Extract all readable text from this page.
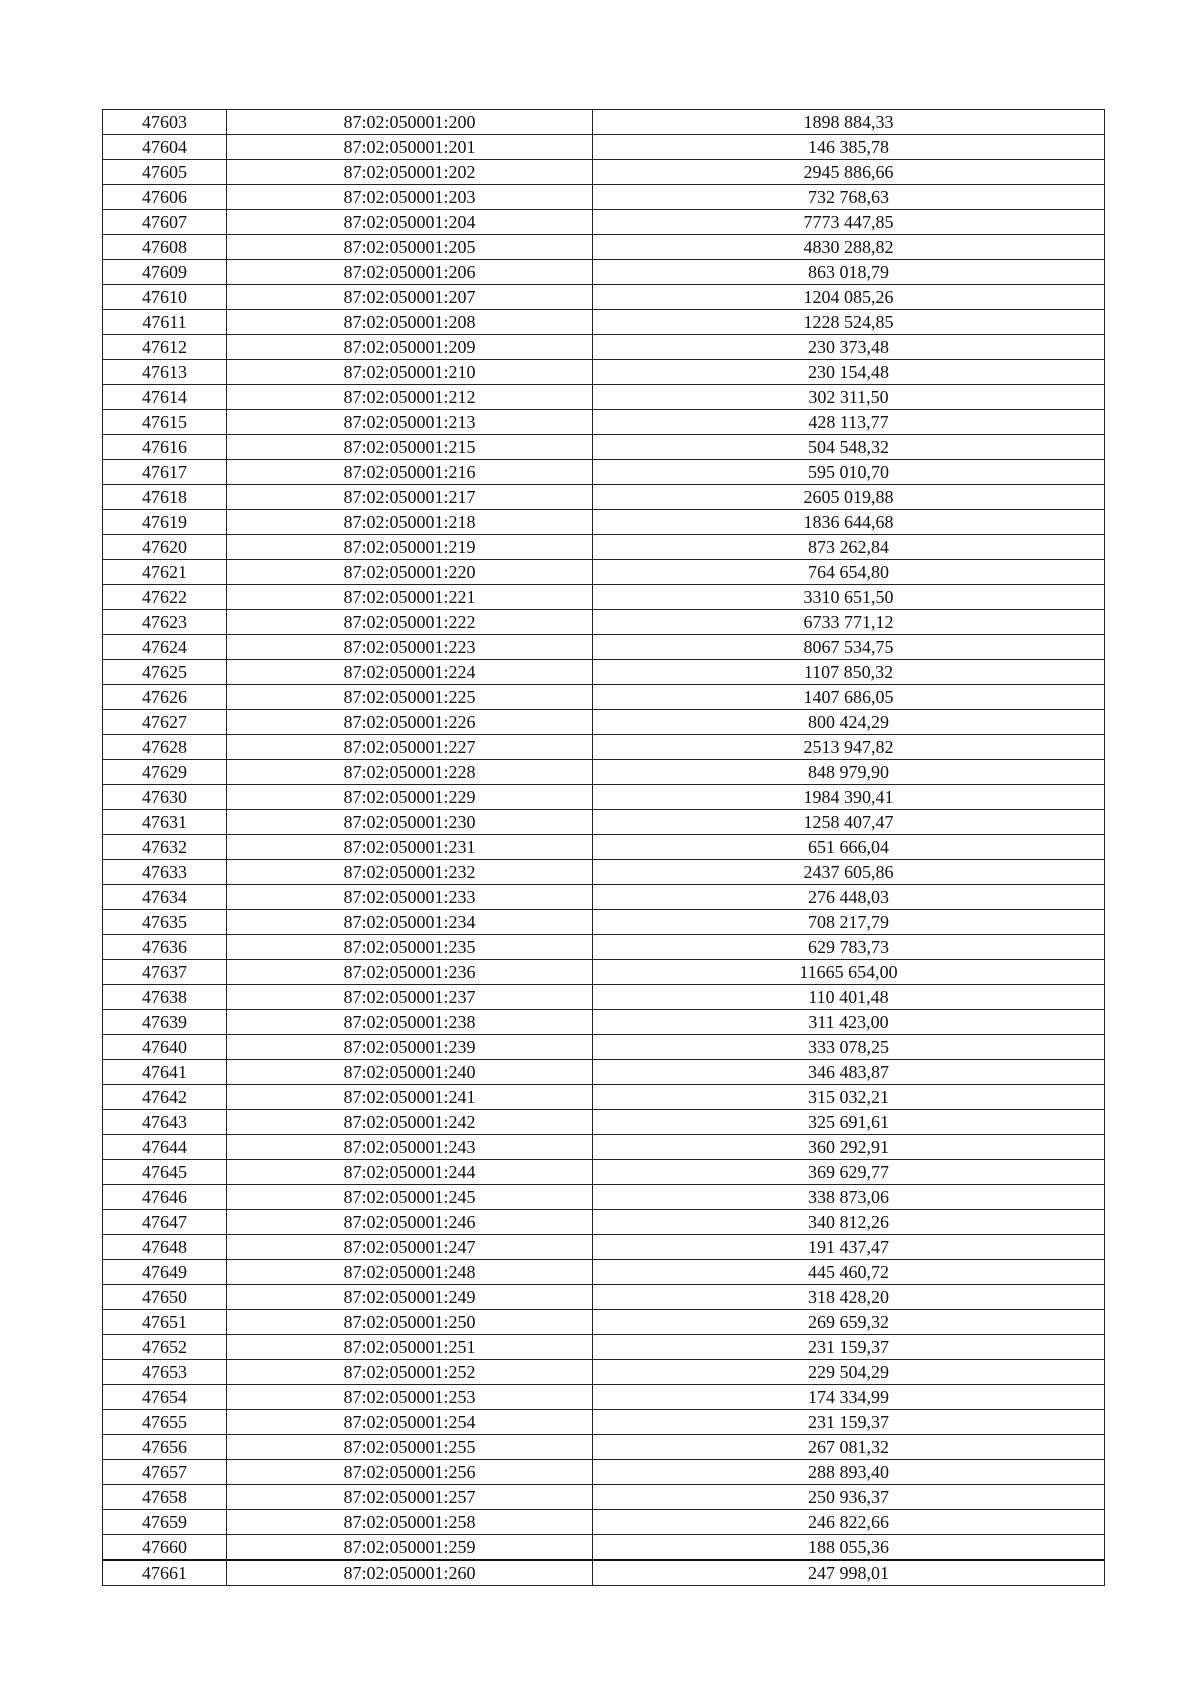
47603	87:02:050001:200	1898 884,33
47604	87:02:050001:201	146 385,78
47605	87:02:050001:202	2945 886,66
47606	87:02:050001:203	732 768,63
47607	87:02:050001:204	7773 447,85
47608	87:02:050001:205	4830 288,82
47609	87:02:050001:206	863 018,79
47610	87:02:050001:207	1204 085,26
47611	87:02:050001:208	1228 524,85
47612	87:02:050001:209	230 373,48
47613	87:02:050001:210	230 154,48
47614	87:02:050001:212	302 311,50
47615	87:02:050001:213	428 113,77
47616	87:02:050001:215	504 548,32
47617	87:02:050001:216	595 010,70
47618	87:02:050001:217	2605 019,88
47619	87:02:050001:218	1836 644,68
47620	87:02:050001:219	873 262,84
47621	87:02:050001:220	764 654,80
47622	87:02:050001:221	3310 651,50
47623	87:02:050001:222	6733 771,12
47624	87:02:050001:223	8067 534,75
47625	87:02:050001:224	1107 850,32
47626	87:02:050001:225	1407 686,05
47627	87:02:050001:226	800 424,29
47628	87:02:050001:227	2513 947,82
47629	87:02:050001:228	848 979,90
47630	87:02:050001:229	1984 390,41
47631	87:02:050001:230	1258 407,47
47632	87:02:050001:231	651 666,04
47633	87:02:050001:232	2437 605,86
47634	87:02:050001:233	276 448,03
47635	87:02:050001:234	708 217,79
47636	87:02:050001:235	629 783,73
47637	87:02:050001:236	11665 654,00
47638	87:02:050001:237	110 401,48
47639	87:02:050001:238	311 423,00
47640	87:02:050001:239	333 078,25
47641	87:02:050001:240	346 483,87
47642	87:02:050001:241	315 032,21
47643	87:02:050001:242	325 691,61
47644	87:02:050001:243	360 292,91
47645	87:02:050001:244	369 629,77
47646	87:02:050001:245	338 873,06
47647	87:02:050001:246	340 812,26
47648	87:02:050001:247	191 437,47
47649	87:02:050001:248	445 460,72
47650	87:02:050001:249	318 428,20
47651	87:02:050001:250	269 659,32
47652	87:02:050001:251	231 159,37
47653	87:02:050001:252	229 504,29
47654	87:02:050001:253	174 334,99
47655	87:02:050001:254	231 159,37
47656	87:02:050001:255	267 081,32
47657	87:02:050001:256	288 893,40
47658	87:02:050001:257	250 936,37
47659	87:02:050001:258	246 822,66
47660	87:02:050001:259	188 055,36
47661	87:02:050001:260	247 998,01
